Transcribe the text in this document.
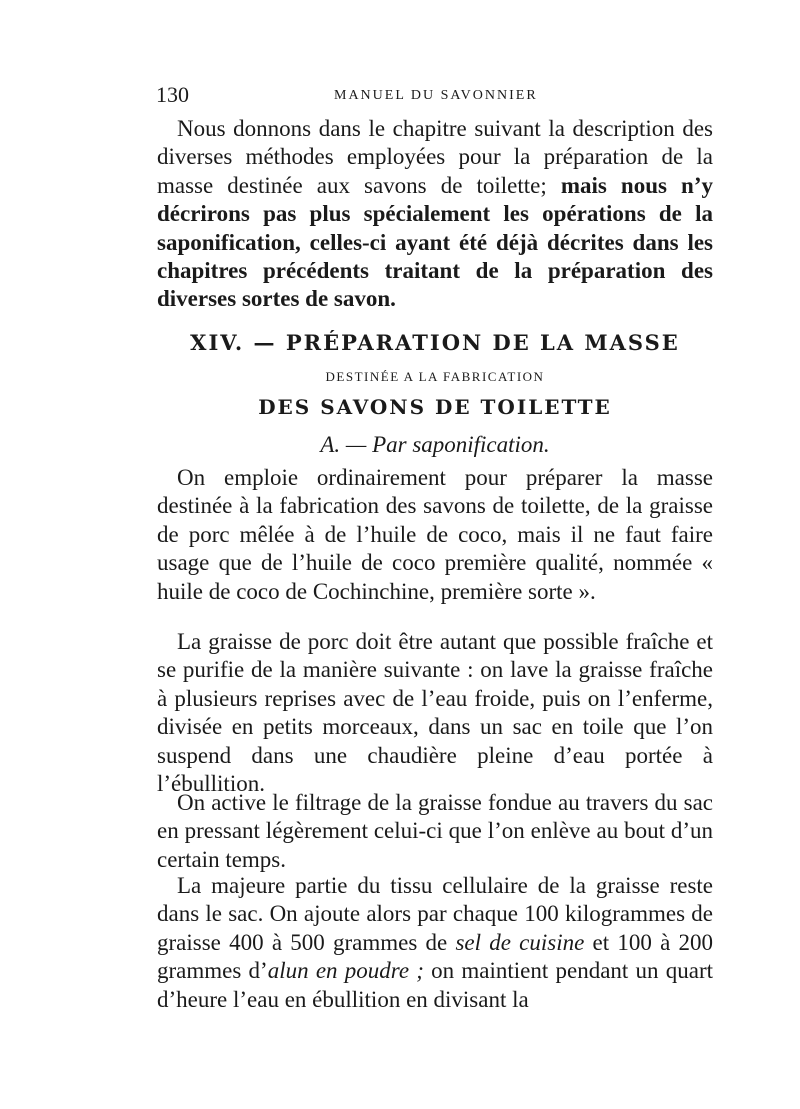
130	MANUEL DU SAVONNIER

Nous donnons dans le chapitre suivant la description des diverses méthodes employées pour la préparation de la masse destinée aux savons de toilette; mais nous n’y décrirons pas plus spécialement les opérations de la saponification, celles-ci ayant été déjà décrites dans les chapitres précédents traitant de la préparation des diverses sortes de savon.

XIV. — PRÉPARATION DE LA MASSE
DESTINÉE A LA FABRICATION
DES SAVONS DE TOILETTE
A. — Par saponification.

On emploie ordinairement pour préparer la masse destinée à la fabrication des savons de toilette, de la graisse de porc mêlée à de l’huile de coco, mais il ne faut faire usage que de l’huile de coco première qualité, nommée « huile de coco de Cochinchine, première sorte ».

La graisse de porc doit être autant que possible fraîche et se purifie de la manière suivante : on lave la graisse fraîche à plusieurs reprises avec de l’eau froide, puis on l’enferme, divisée en petits morceaux, dans un sac en toile que l’on suspend dans une chaudière pleine d’eau portée à l’ébullition.

On active le filtrage de la graisse fondue au travers du sac en pressant légèrement celui-ci que l’on enlève au bout d’un certain temps.

La majeure partie du tissu cellulaire de la graisse reste dans le sac. On ajoute alors par chaque 100 kilogrammes de graisse 400 à 500 grammes de sel de cuisine et 100 à 200 grammes d’alun en poudre ; on maintient pendant un quart d’heure l’eau en ébullition en divisant la
